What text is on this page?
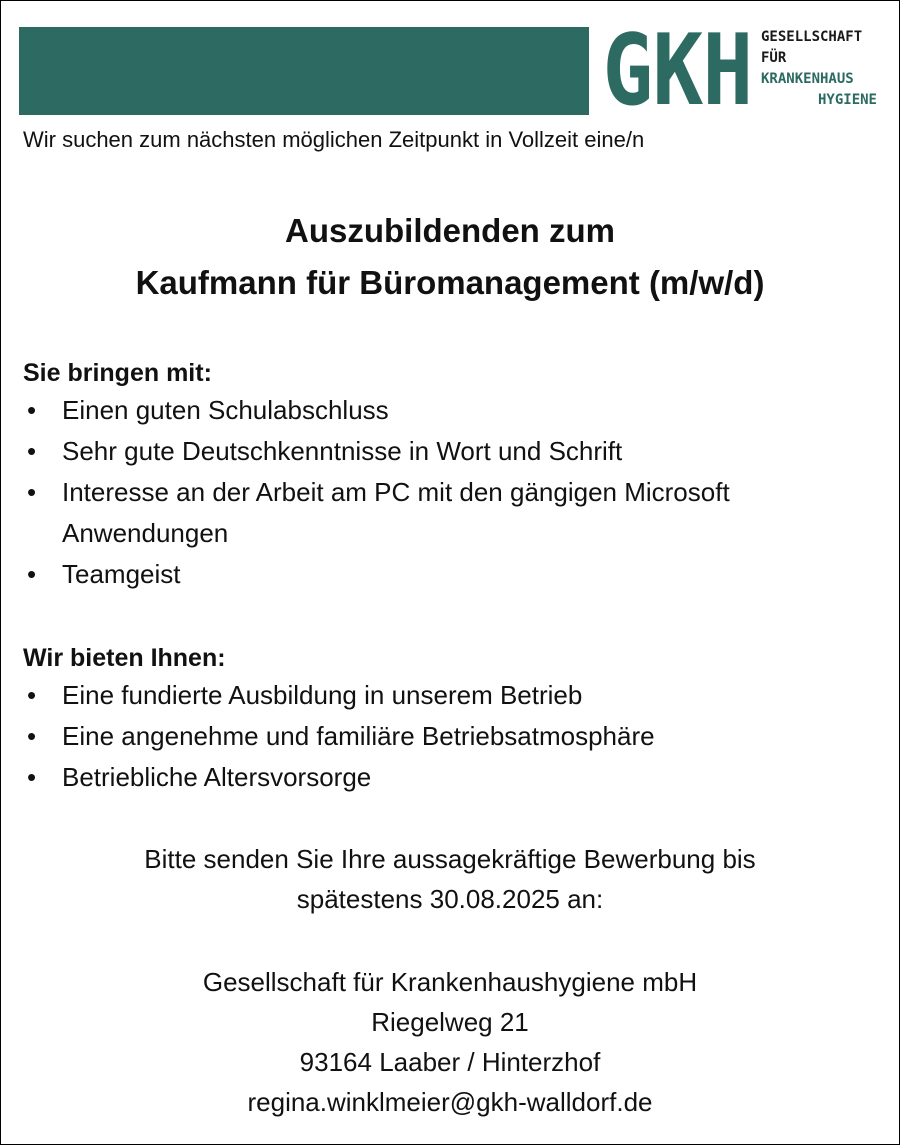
G K H GESELLSCHAFT
FÜR
KRANKENHAUS
HYGIENE
Wir suchen zum nächsten möglichen Zeitpunkt in Vollzeit eine/n
Auszubildenden zum
Kaufmann für Büromanagement (m/w/d)
Sie bringen mit:
• Einen guten Schulabschluss
• Sehr gute Deutschkenntnisse in Wort und Schrift
• Interesse an der Arbeit am PC mit den gängigen Microsoft Anwendungen
• Teamgeist
Wir bieten Ihnen:
• Eine fundierte Ausbildung in unserem Betrieb
• Eine angenehme und familiäre Betriebsatmosphäre
• Betriebliche Altersvorsorge
Bitte senden Sie Ihre aussagekräftige Bewerbung bis
spätestens 30.08.2025 an:
Gesellschaft für Krankenhaushygiene mbH
Riegelweg 21
93164 Laaber / Hinterzhof
regina.winklmeier@gkh-walldorf.de
